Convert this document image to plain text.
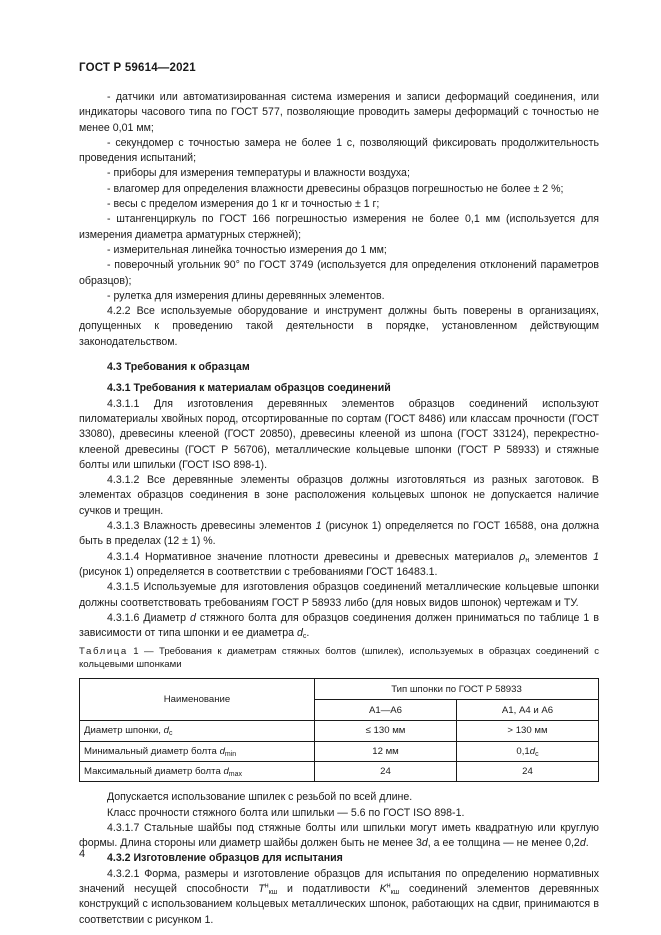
ГОСТ Р 59614—2021

- датчики или автоматизированная система измерения и записи деформаций соединения, или индикаторы часового типа по ГОСТ 577, позволяющие проводить замеры деформаций с точностью не менее 0,01 мм;

- секундомер с точностью замера не более 1 с, позволяющий фиксировать продолжительность проведения испытаний;

- приборы для измерения температуры и влажности воздуха;

- влагомер для определения влажности древесины образцов погрешностью не более ± 2 %;

- весы с пределом измерения до 1 кг и точностью ± 1 г;

- штангенциркуль по ГОСТ 166 погрешностью измерения не более 0,1 мм (используется для измерения диаметра арматурных стержней);

- измерительная линейка точностью измерения до 1 мм;

- поверочный угольник 90° по ГОСТ 3749 (используется для определения отклонений параметров образцов);

- рулетка для измерения длины деревянных элементов.

4.2.2 Все используемые оборудование и инструмент должны быть поверены в организациях, допущенных к проведению такой деятельности в порядке, установленном действующим законодательством.

4.3 Требования к образцам

4.3.1 Требования к материалам образцов соединений

4.3.1.1 Для изготовления деревянных элементов образцов соединений используют пиломатериалы хвойных пород, отсортированные по сортам (ГОСТ 8486) или классам прочности (ГОСТ 33080), древесины клееной (ГОСТ 20850), древесины клееной из шпона (ГОСТ 33124), перекрестно-клееной древесины (ГОСТ Р 56706), металлические кольцевые шпонки (ГОСТ Р 58933) и стяжные болты или шпильки (ГОСТ ISO 898-1).

4.3.1.2 Все деревянные элементы образцов должны изготовляться из разных заготовок. В элементах образцов соединения в зоне расположения кольцевых шпонок не допускается наличие сучков и трещин.

4.3.1.3 Влажность древесины элементов 1 (рисунок 1) определяется по ГОСТ 16588, она должна быть в пределах (12 ± 1) %.

4.3.1.4 Нормативное значение плотности древесины и древесных материалов $\rho_н$ элементов 1 (рисунок 1) определяется в соответствии с требованиями ГОСТ 16483.1.

4.3.1.5 Используемые для изготовления образцов соединений металлические кольцевые шпонки должны соответствовать требованиям ГОСТ Р 58933 либо (для новых видов шпонок) чертежам и ТУ.

4.3.1.6 Диаметр d стяжного болта для образцов соединения должен приниматься по таблице 1 в зависимости от типа шпонки и ее диаметра $d_c$.

Таблица 1 — Требования к диаметрам стяжных болтов (шпилек), используемых в образцах соединений с кольцевыми шпонками

Наименование	Тип шпонки по ГОСТ Р 58933	
	А1—А6	А1, А4 и А6
Диаметр шпонки, $d_c$	≤ 130 мм	> 130 мм
Минимальный диаметр болта $d_{min}$	12 мм	$0,1d_c$
Максимальный диаметр болта $d_{max}$	24	24

Допускается использование шпилек с резьбой по всей длине.

Класс прочности стяжного болта или шпильки — 5.6 по ГОСТ ISO 898-1.

4.3.1.7 Стальные шайбы под стяжные болты или шпильки могут иметь квадратную или круглую формы. Длина стороны или диаметр шайбы должен быть не менее 3d, а ее толщина — не менее 0,2d.

4.3.2 Изготовление образцов для испытания

4.3.2.1 Форма, размеры и изготовление образцов для испытания по определению нормативных значений несущей способности $T^н_{кш}$ и податливости $K^н_{кш}$ соединений элементов деревянных конструкций с использованием кольцевых металлических шпонок, работающих на сдвиг, принимаются в соответствии с рисунком 1.

4
